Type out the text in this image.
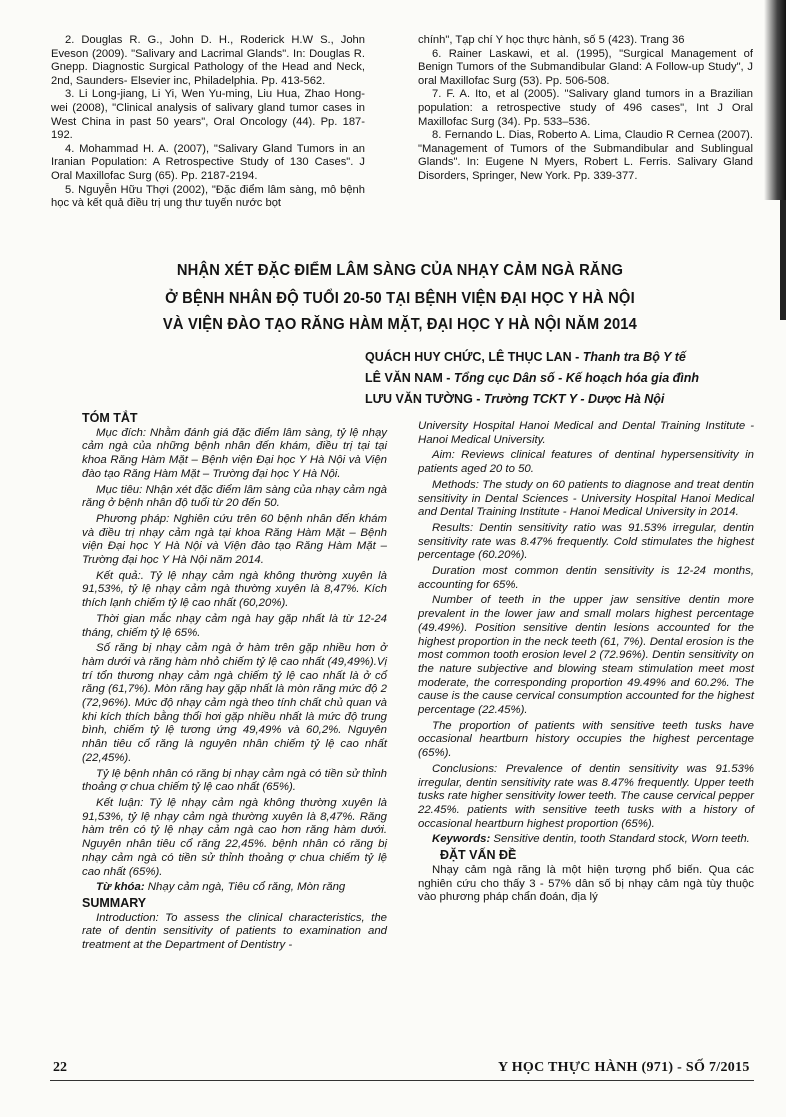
2. Douglas R. G., John D. H., Roderick H.W S., John Eveson (2009). "Salivary and Lacrimal Glands". In: Douglas R. Gnepp. Diagnostic Surgical Pathology of the Head and Neck, 2nd, Saunders- Elsevier inc, Philadelphia. Pp. 413-562.

3. Li Long-jiang, Li Yi, Wen Yu-ming, Liu Hua, Zhao Hong-wei (2008), "Clinical analysis of salivary gland tumor cases in West China in past 50 years", Oral Oncology (44). Pp. 187- 192.

4. Mohammad H. A. (2007), "Salivary Gland Tumors in an Iranian Population: A Retrospective Study of 130 Cases". J Oral Maxillofac Surg (65). Pp. 2187-2194.

5. Nguyễn Hữu Thợi (2002), "Đặc điểm lâm sàng, mô bệnh học và kết quả điều trị ung thư tuyến nước bọt

chính", Tạp chí Y học thực hành, số 5 (423). Trang 36

6. Rainer Laskawi, et al. (1995), "Surgical Management of Benign Tumors of the Submandibular Gland: A Follow-up Study", J oral Maxillofac Surg (53). Pp. 506-508.

7. F. A. Ito, et al (2005). "Salivary gland tumors in a Brazilian population: a retrospective study of 496 cases", Int J Oral Maxillofac Surg (34). Pp. 533–536.

8. Fernando L. Dias, Roberto A. Lima, Claudio R Cernea (2007). "Management of Tumors of the Submandibular and Sublingual Glands". In: Eugene N Myers, Robert L. Ferris. Salivary Gland Disorders, Springer, New York. Pp. 339-377.

NHẬN XÉT ĐẶC ĐIỂM LÂM SÀNG CỦA NHẠY CẢM NGÀ RĂNG
Ở BỆNH NHÂN ĐỘ TUỔI 20-50 TẠI BỆNH VIỆN ĐẠI HỌC Y HÀ NỘI
VÀ VIỆN ĐÀO TẠO RĂNG HÀM MẶT, ĐẠI HỌC Y HÀ NỘI NĂM 2014
QUÁCH HUY CHỨC, LÊ THỤC LAN - Thanh tra Bộ Y tế
LÊ VĂN NAM - Tổng cục Dân số - Kế hoạch hóa gia đình
LƯU VĂN TƯỜNG - Trường TCKT Y - Dược Hà Nội

TÓM TẮT

Mục đích: Nhằm đánh giá đặc điểm lâm sàng, tỷ lệ nhạy cảm ngà của những bệnh nhân đến khám, điều trị tại tại khoa Răng Hàm Mặt – Bệnh viện Đại học Y Hà Nội và Viện đào tạo Răng Hàm Mặt – Trường đại học Y Hà Nội.

Mục tiêu: Nhận xét đặc điểm lâm sàng của nhạy cảm ngà răng ở bệnh nhân độ tuổi từ 20 đến 50.

Phương pháp: Nghiên cứu trên 60 bệnh nhân đến khám và điều trị nhạy cảm ngà tại khoa Răng Hàm Mặt – Bệnh viện Đại học Y Hà Nội và Viện đào tạo Răng Hàm Mặt – Trường đại học Y Hà Nội năm 2014.

Kết quả:. Tỷ lệ nhạy cảm ngà không thường xuyên là 91,53%, tỷ lệ nhạy cảm ngà thường xuyên là 8,47%. Kích thích lạnh chiếm tỷ lệ cao nhất (60,20%).

Thời gian mắc nhạy cảm ngà hay gặp nhất là từ 12-24 tháng, chiếm tỷ lệ 65%.

Số răng bị nhạy cảm ngà ở hàm trên gặp nhiều hơn ở hàm dưới và răng hàm nhỏ chiếm tỷ lệ cao nhất (49,49%).Vị trí tổn thương nhạy cảm ngà chiếm tỷ lệ cao nhất là ở cổ răng (61,7%). Mòn răng hay gặp nhất là mòn răng mức độ 2 (72,96%). Mức độ nhạy cảm ngà theo tính chất chủ quan và khi kích thích bằng thổi hơi gặp nhiều nhất là mức độ trung bình, chiếm tỷ lệ tương ứng 49,49% và 60,2%. Nguyên nhân tiêu cổ răng là nguyên nhân chiếm tỷ lệ cao nhất (22,45%).

Tỷ lệ bệnh nhân có răng bị nhạy cảm ngà có tiền sử thỉnh thoảng ợ chua chiếm tỷ lệ cao nhất (65%).

Kết luận: Tỷ lệ nhạy cảm ngà không thường xuyên là 91,53%, tỷ lệ nhạy cảm ngà thường xuyên là 8,47%. Răng hàm trên có tỷ lệ nhạy cảm ngà cao hơn răng hàm dưới. Nguyên nhân tiêu cổ răng 22,45%. bệnh nhân có răng bị nhạy cảm ngà có tiền sử thỉnh thoảng ợ chua chiếm tỷ lệ cao nhất (65%).

Từ khóa: Nhạy cảm ngà, Tiêu cổ răng, Mòn răng

SUMMARY

Introduction: To assess the clinical characteristics, the rate of dentin sensitivity of patients to examination and treatment at the Department of Dentistry -

University Hospital Hanoi Medical and Dental Training Institute - Hanoi Medical University.

Aim: Reviews clinical features of dentinal hypersensitivity in patients aged 20 to 50.

Methods: The study on 60 patients to diagnose and treat dentin sensitivity in Dental Sciences - University Hospital Hanoi Medical and Dental Training Institute - Hanoi Medical University in 2014.

Results: Dentin sensitivity ratio was 91.53% irregular, dentin sensitivity rate was 8.47% frequently. Cold stimulates the highest percentage (60.20%).

Duration most common dentin sensitivity is 12-24 months, accounting for 65%.

Number of teeth in the upper jaw sensitive dentin more prevalent in the lower jaw and small molars highest percentage (49.49%). Position sensitive dentin lesions accounted for the highest proportion in the neck teeth (61, 7%). Dental erosion is the most common tooth erosion level 2 (72.96%). Dentin sensitivity on the nature subjective and blowing steam stimulation meet most moderate, the corresponding proportion 49.49% and 60.2%. The cause is the cause cervical consumption accounted for the highest percentage (22.45%).

The proportion of patients with sensitive teeth tusks have occasional heartburn history occupies the highest percentage (65%).

Conclusions: Prevalence of dentin sensitivity was 91.53% irregular, dentin sensitivity rate was 8.47% frequently. Upper teeth tusks rate higher sensitivity lower teeth. The cause cervical pepper 22.45%. patients with sensitive teeth tusks with a history of occasional heartburn highest proportion (65%).

Keywords: Sensitive dentin, tooth Standard stock, Worn teeth.

ĐẶT VẤN ĐỀ

Nhạy cảm ngà răng là một hiện tượng phổ biến. Qua các nghiên cứu cho thấy 3 - 57% dân số bị nhạy cảm ngà tùy thuộc vào phương pháp chẩn đoán, địa lý

22	Y HỌC THỰC HÀNH (971) - SỐ 7/2015
